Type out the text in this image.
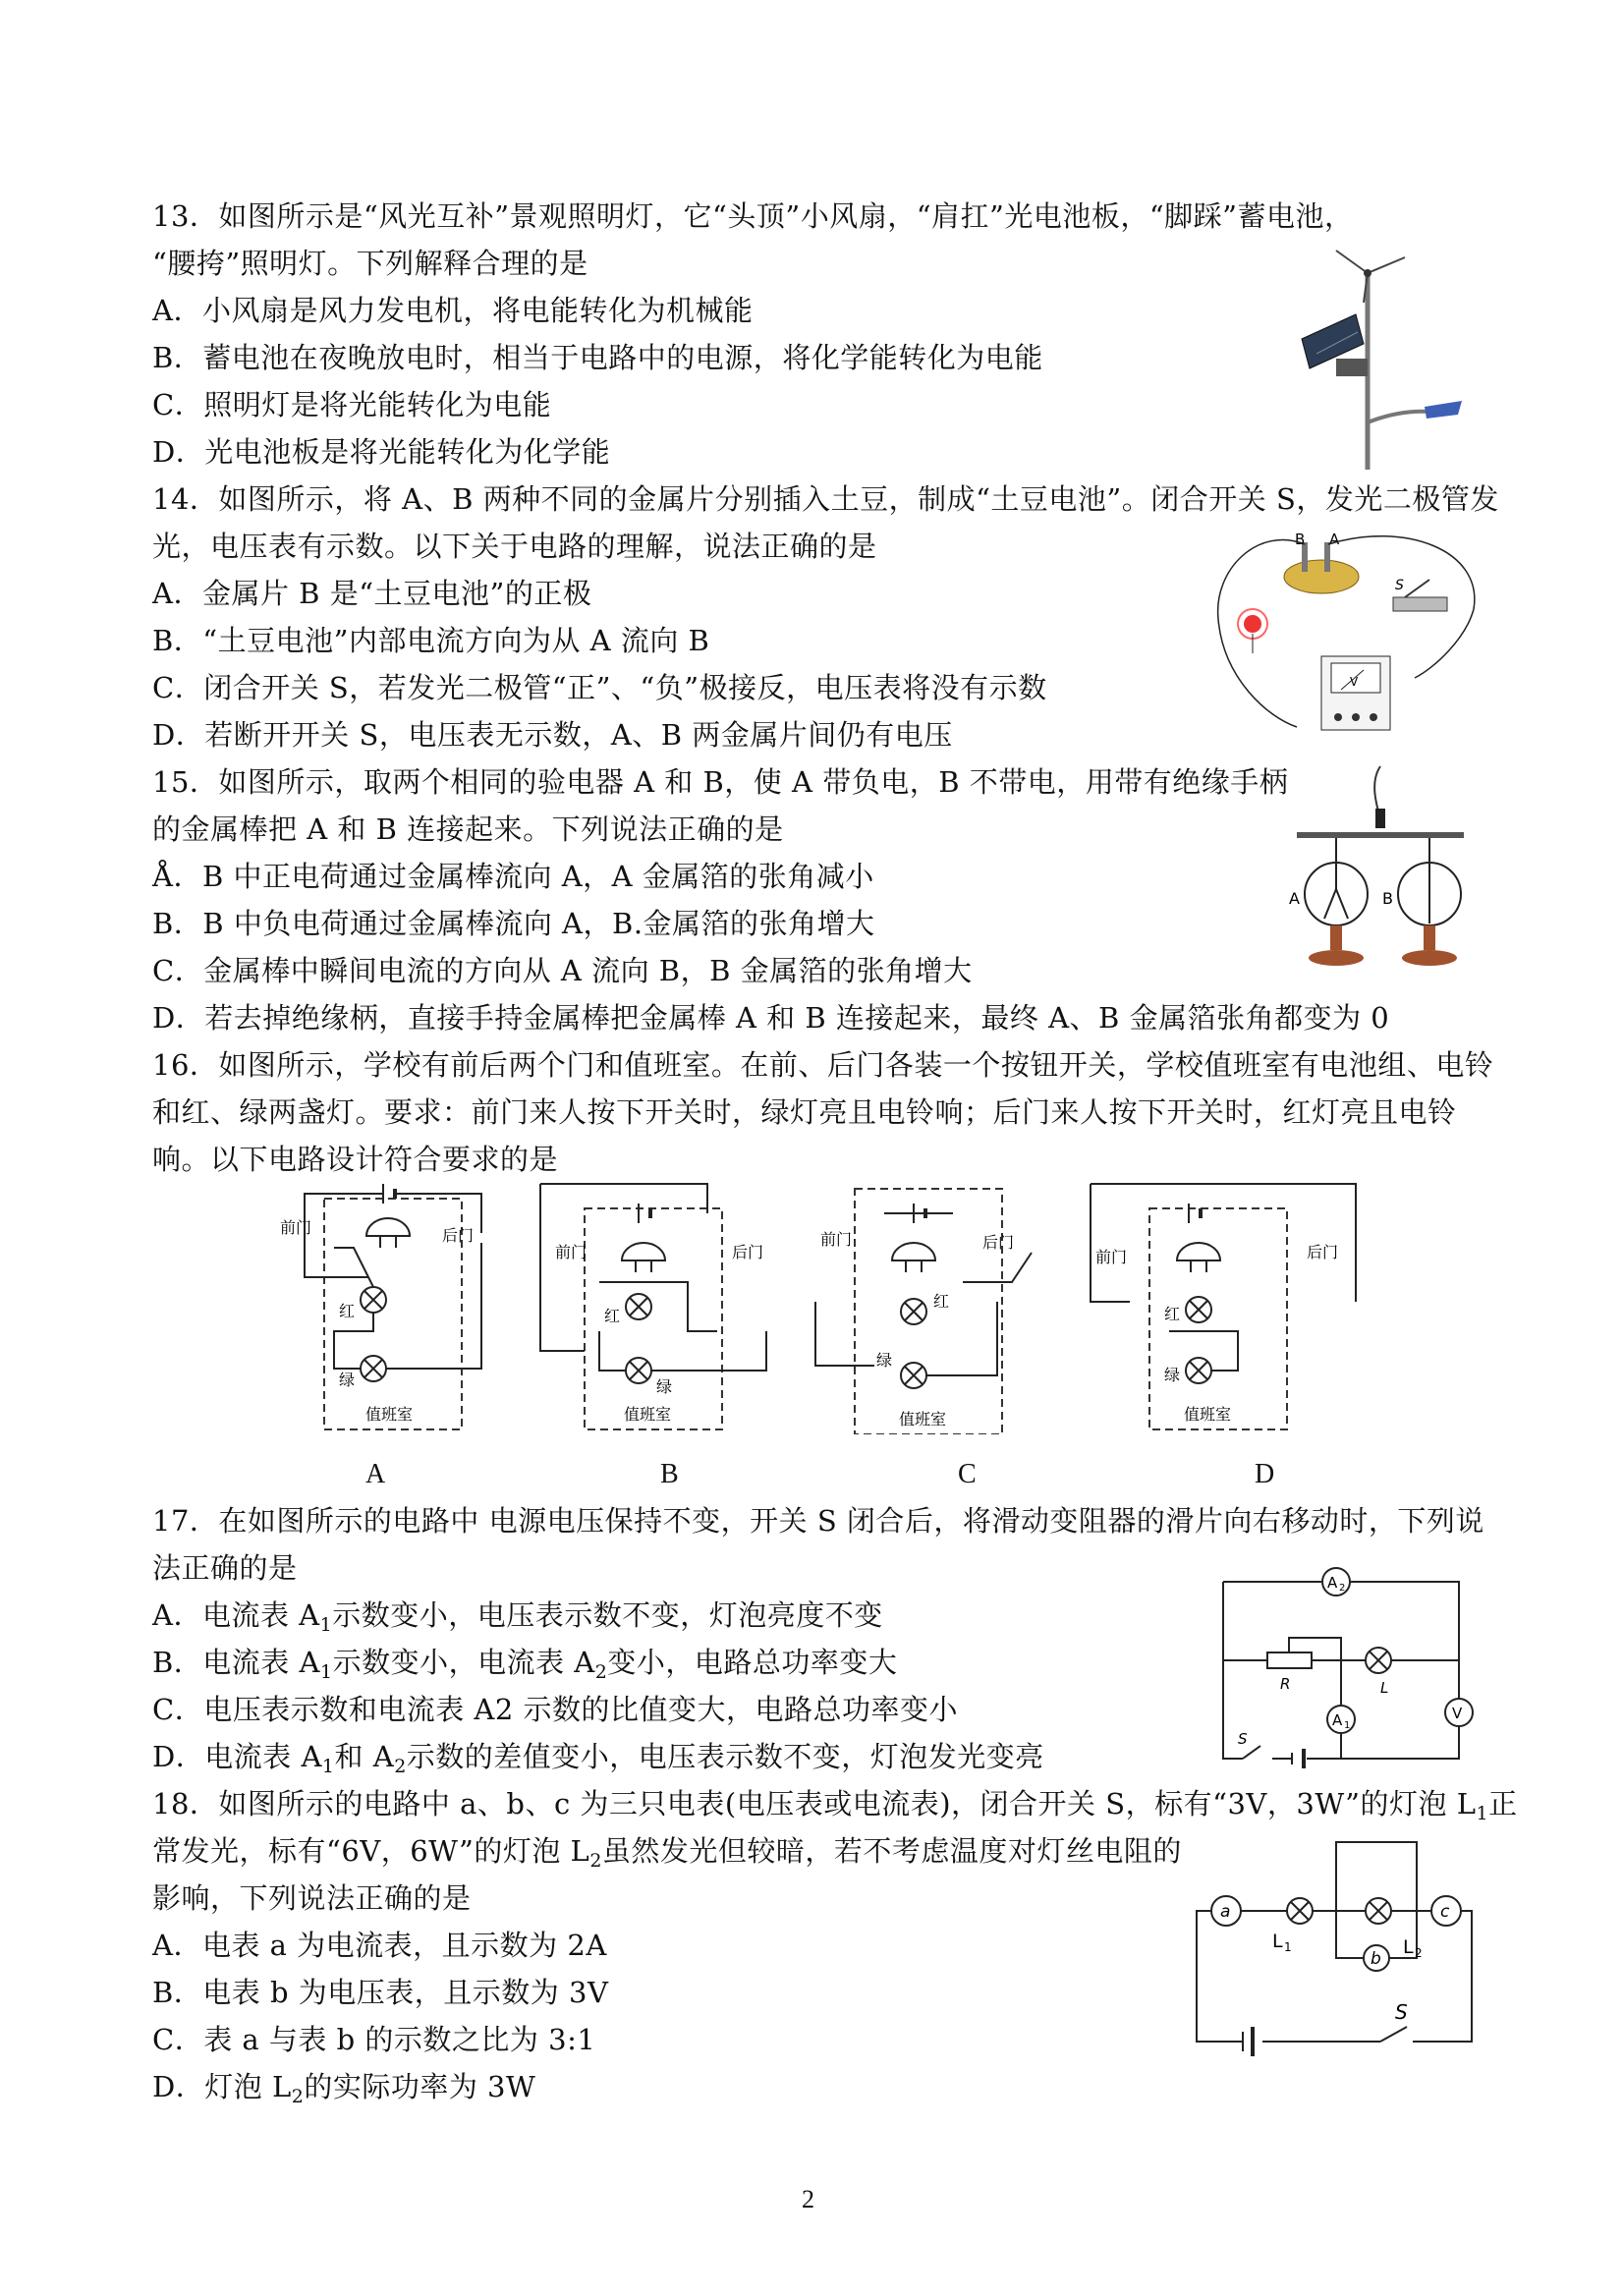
13．如图所示是“风光互补”景观照明灯，它“头顶”小风扇，“肩扛”光电池板，“脚踩”蓄电池，
“腰挎”照明灯。下列解释合理的是
A．小风扇是风力发电机，将电能转化为机械能
B．蓄电池在夜晚放电时，相当于电路中的电源，将化学能转化为电能
C．照明灯是将光能转化为电能
D．光电池板是将光能转化为化学能
14．如图所示，将 A、B 两种不同的金属片分别插入土豆，制成“土豆电池”。闭合开关 S，发光二极管发
光，电压表有示数。以下关于电路的理解，说法正确的是
A．金属片 B 是“土豆电池”的正极
B．“土豆电池”内部电流方向为从 A 流向 B
C．闭合开关 S，若发光二极管“正”、“负”极接反，电压表将没有示数
D．若断开开关 S，电压表无示数，A、B 两金属片间仍有电压
B A
S
V
15．如图所示，取两个相同的验电器 A 和 B，使 A 带负电，B 不带电，用带有绝缘手柄
的金属棒把 A 和 B 连接起来。下列说法正确的是
Å．B 中正电荷通过金属棒流向 A，A 金属箔的张角减小
B．B 中负电荷通过金属棒流向 A，B.金属箔的张角增大
C．金属棒中瞬间电流的方向从 A 流向 B，B 金属箔的张角增大
D．若去掉绝缘柄，直接手持金属棒把金属棒 A 和 B 连接起来，最终 A、B 金属箔张角都变为 0
A	B
16．如图所示，学校有前后两个门和值班室。在前、后门各装一个按钮开关，学校值班室有电池组、电铃
和红、绿两盏灯。要求：前门来人按下开关时，绿灯亮且电铃响；后门来人按下开关时，红灯亮且电铃
响。以下电路设计符合要求的是
前门	后门
红
绿
值班室
前门	后门
红
绿
值班室
前门	后门
红
绿
值班室
前门	后门
红
绿
值班室
A	B	C	D
17．在如图所示的电路中 电源电压保持不变，开关 S 闭合后，将滑动变阻器的滑片向右移动时，下列说
法正确的是
A．电流表 $A_1$示数变小，电压表示数不变，灯泡亮度不变
B．电流表 $A_1$示数变小，电流表 $A_2$变小，电路总功率变大
C．电压表示数和电流表 A2 示数的比值变大，电路总功率变小
D．电流表 $A_1$和 $A_2$示数的差值变小，电压表示数不变，灯泡发光变亮
A 2
L
A 1
V
R
S
18．如图所示的电路中 a、b、c 为三只电表(电压表或电流表)，闭合开关 S，标有“3V，3W”的灯泡 $L_1$正
常发光，标有“6V，6W”的灯泡 $L_2$虽然发光但较暗，若不考虑温度对灯丝电阻的
影响，下列说法正确的是
A．电表 a 为电流表，且示数为 2A
B．电表 b 为电压表，且示数为 3V
C．表 a 与表 b 的示数之比为 3:1
D．灯泡 $L_2$的实际功率为 3W
a	c
b
L 1	L 2
S
2
